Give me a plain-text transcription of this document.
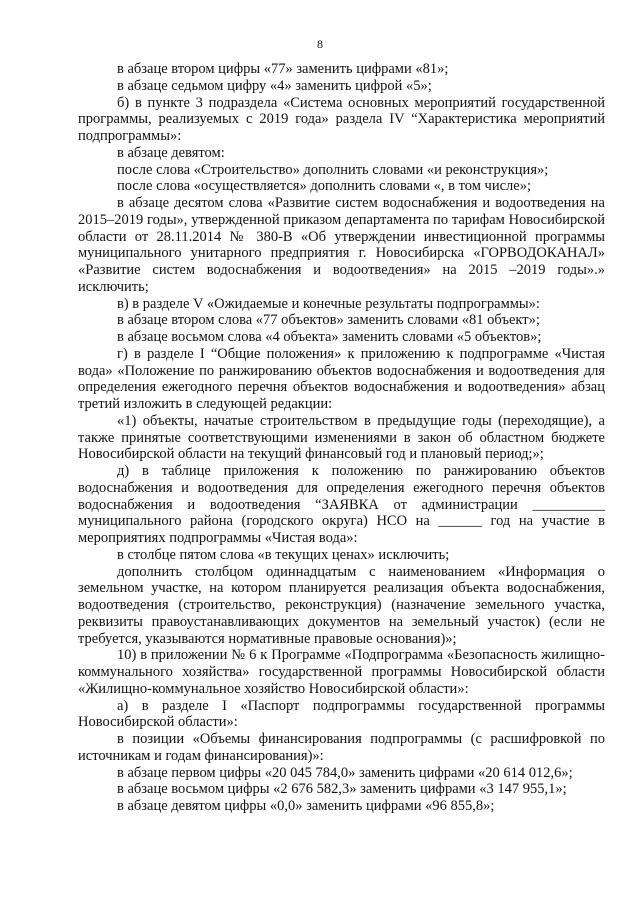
8

в абзаце втором цифры «77» заменить цифрами «81»;

в абзаце седьмом цифру «4» заменить цифрой «5»;

б) в пункте 3 подраздела «Система основных мероприятий государственной программы, реализуемых с 2019 года» раздела IV “Характеристика мероприятий подпрограммы»:

в абзаце девятом:

после слова «Строительство» дополнить словами «и реконструкция»;

после слова «осуществляется» дополнить словами «, в том числе»;

в абзаце десятом слова «Развитие систем водоснабжения и водоотведения на 2015–2019 годы», утвержденной приказом департамента по тарифам Новосибирской области от 28.11.2014 № 380-В «Об утверждении инвестиционной программы муниципального унитарного предприятия г. Новосибирска «ГОРВОДОКАНАЛ» «Развитие систем водоснабжения и водоотведения» на 2015 –2019 годы».» исключить;

в) в разделе V «Ожидаемые и конечные результаты подпрограммы»:

в абзаце втором слова «77 объектов» заменить словами «81 объект»;

в абзаце восьмом слова «4 объекта» заменить словами «5 объектов»;

г) в разделе I “Общие положения» к приложению к подпрограмме «Чистая вода» «Положение по ранжированию объектов водоснабжения и водоотведения для определения ежегодного перечня объектов водоснабжения и водоотведения» абзац третий изложить в следующей редакции:

«1) объекты, начатые строительством в предыдущие годы (переходящие), а также принятые соответствующими изменениями в закон об областном бюджете Новосибирской области на текущий финансовый год и плановый период;»;

д) в таблице приложения к положению по ранжированию объектов водоснабжения и водоотведения для определения ежегодного перечня объектов водоснабжения и водоотведения “ЗАЯВКА от администрации __________ муниципального района (городского округа) НСО на ______ год на участие в мероприятиях подпрограммы «Чистая вода»:

в столбце пятом слова «в текущих ценах» исключить;

дополнить столбцом одиннадцатым с наименованием «Информация о земельном участке, на котором планируется реализация объекта водоснабжения, водоотведения (строительство, реконструкция) (назначение земельного участка, реквизиты правоустанавливающих документов на земельный участок) (если не требуется, указываются нормативные правовые основания)»;

10) в приложении № 6 к Программе «Подпрограмма «Безопасность жилищно-коммунального хозяйства» государственной программы Новосибирской области «Жилищно-коммунальное хозяйство Новосибирской области»:

а) в разделе I «Паспорт подпрограммы государственной программы Новосибирской области»:

в позиции «Объемы финансирования подпрограммы (с расшифровкой по источникам и годам финансирования)»:

в абзаце первом цифры «20 045 784,0» заменить цифрами «20 614 012,6»;

в абзаце восьмом цифры «2 676 582,3» заменить цифрами «3 147 955,1»;

в абзаце девятом цифры «0,0» заменить цифрами «96 855,8»;
